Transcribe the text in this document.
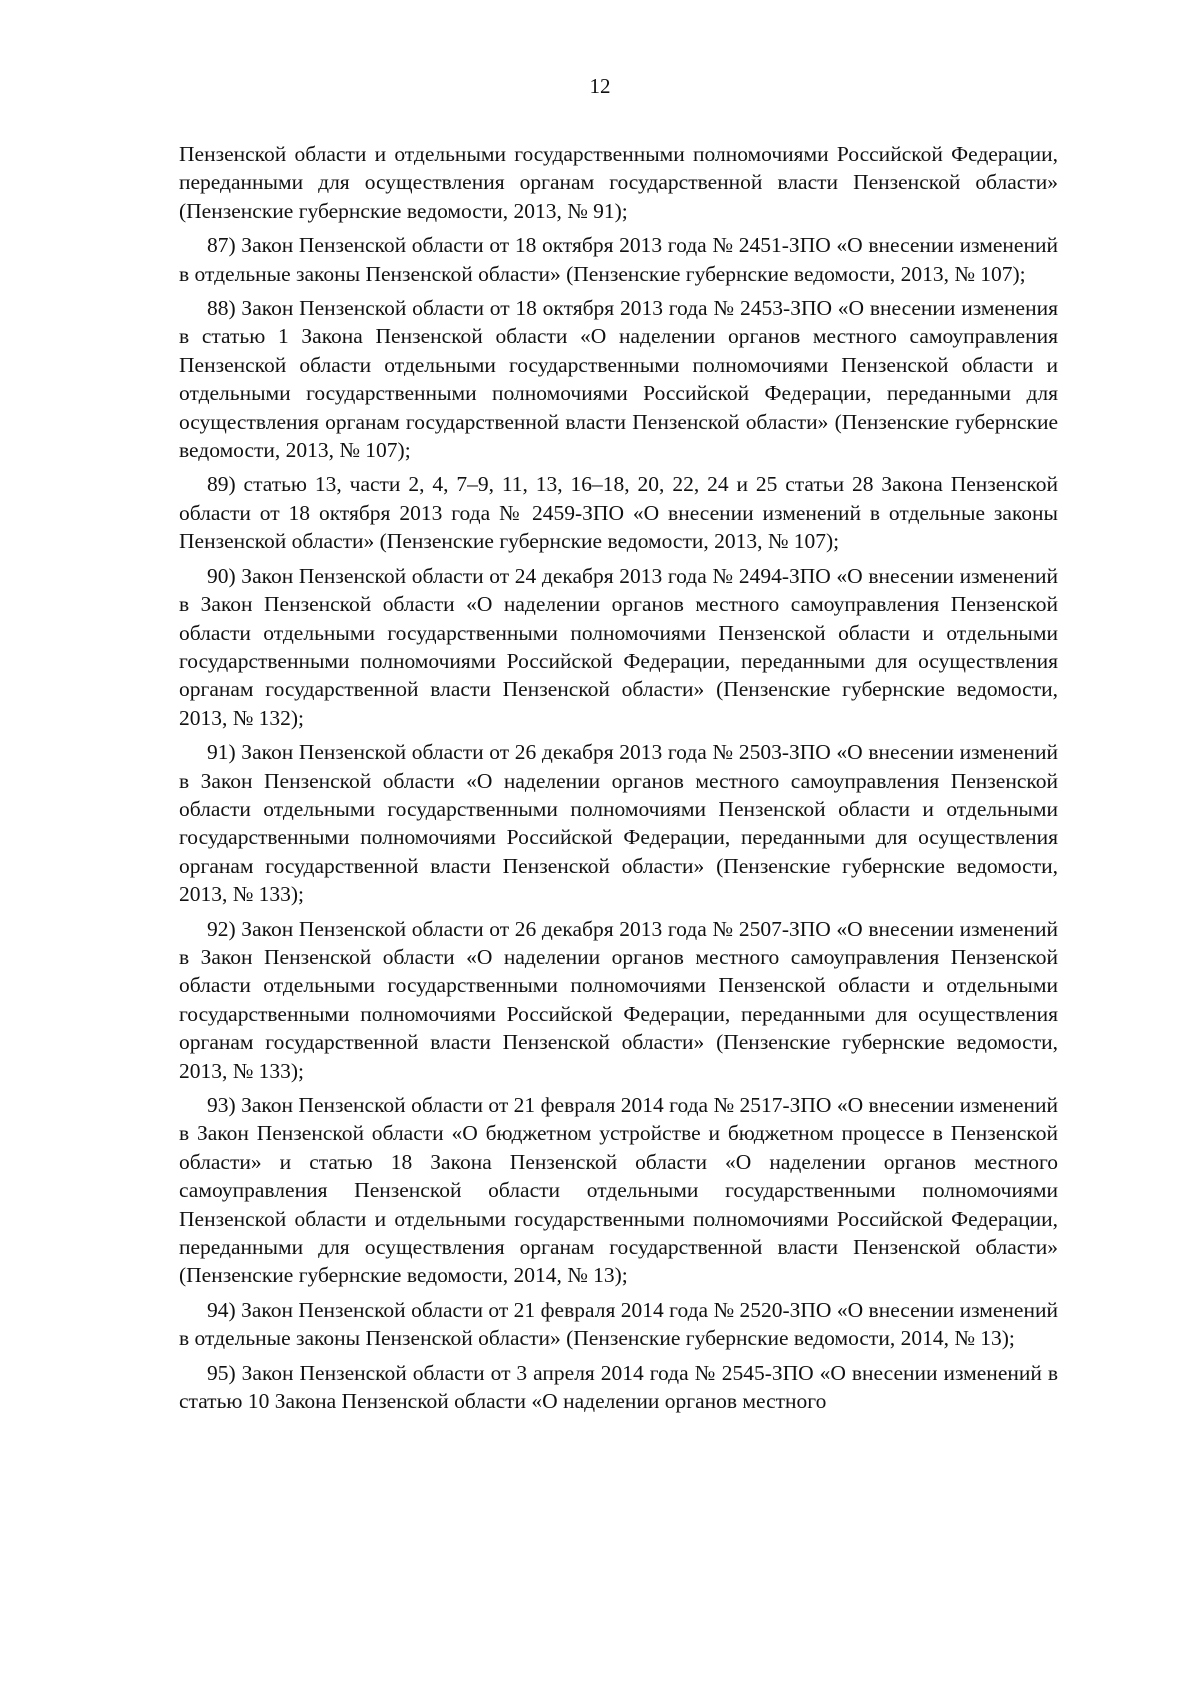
12

Пензенской области и отдельными государственными полномочиями Российской Федерации, переданными для осуществления органам государственной власти Пензенской области» (Пензенские губернские ведомости, 2013, № 91);

87) Закон Пензенской области от 18 октября 2013 года № 2451-ЗПО «О внесении изменений в отдельные законы Пензенской области» (Пензенские губернские ведомости, 2013, № 107);

88) Закон Пензенской области от 18 октября 2013 года № 2453-ЗПО «О внесении изменения в статью 1 Закона Пензенской области «О наделении органов местного самоуправления Пензенской области отдельными государственными полномочиями Пензенской области и отдельными государственными полномочиями Российской Федерации, переданными для осуществления органам государственной власти Пензенской области» (Пензенские губернские ведомости, 2013, № 107);

89) статью 13, части 2, 4, 7–9, 11, 13, 16–18, 20, 22, 24 и 25 статьи 28 Закона Пензенской области от 18 октября 2013 года № 2459-ЗПО «О внесении изменений в отдельные законы Пензенской области» (Пензенские губернские ведомости, 2013, № 107);

90) Закон Пензенской области от 24 декабря 2013 года № 2494-ЗПО «О внесении изменений в Закон Пензенской области «О наделении органов местного самоуправления Пензенской области отдельными государственными полномочиями Пензенской области и отдельными государственными полномочиями Российской Федерации, переданными для осуществления органам государственной власти Пензенской области» (Пензенские губернские ведомости, 2013, № 132);

91) Закон Пензенской области от 26 декабря 2013 года № 2503-ЗПО «О внесении изменений в Закон Пензенской области «О наделении органов местного самоуправления Пензенской области отдельными государственными полномочиями Пензенской области и отдельными государственными полномочиями Российской Федерации, переданными для осуществления органам государственной власти Пензенской области» (Пензенские губернские ведомости, 2013, № 133);

92) Закон Пензенской области от 26 декабря 2013 года № 2507-ЗПО «О внесении изменений в Закон Пензенской области «О наделении органов местного самоуправления Пензенской области отдельными государственными полномочиями Пензенской области и отдельными государственными полномочиями Российской Федерации, переданными для осуществления органам государственной власти Пензенской области» (Пензенские губернские ведомости, 2013, № 133);

93) Закон Пензенской области от 21 февраля 2014 года № 2517-ЗПО «О внесении изменений в Закон Пензенской области «О бюджетном устройстве и бюджетном процессе в Пензенской области» и статью 18 Закона Пензенской области «О наделении органов местного самоуправления Пензенской области отдельными государственными полномочиями Пензенской области и отдельными государственными полномочиями Российской Федерации, переданными для осуществления органам государственной власти Пензенской области» (Пензенские губернские ведомости, 2014, № 13);

94) Закон Пензенской области от 21 февраля 2014 года № 2520-ЗПО «О внесении изменений в отдельные законы Пензенской области» (Пензенские губернские ведомости, 2014, № 13);

95) Закон Пензенской области от 3 апреля 2014 года № 2545-ЗПО «О внесении изменений в статью 10 Закона Пензенской области «О наделении органов местного
